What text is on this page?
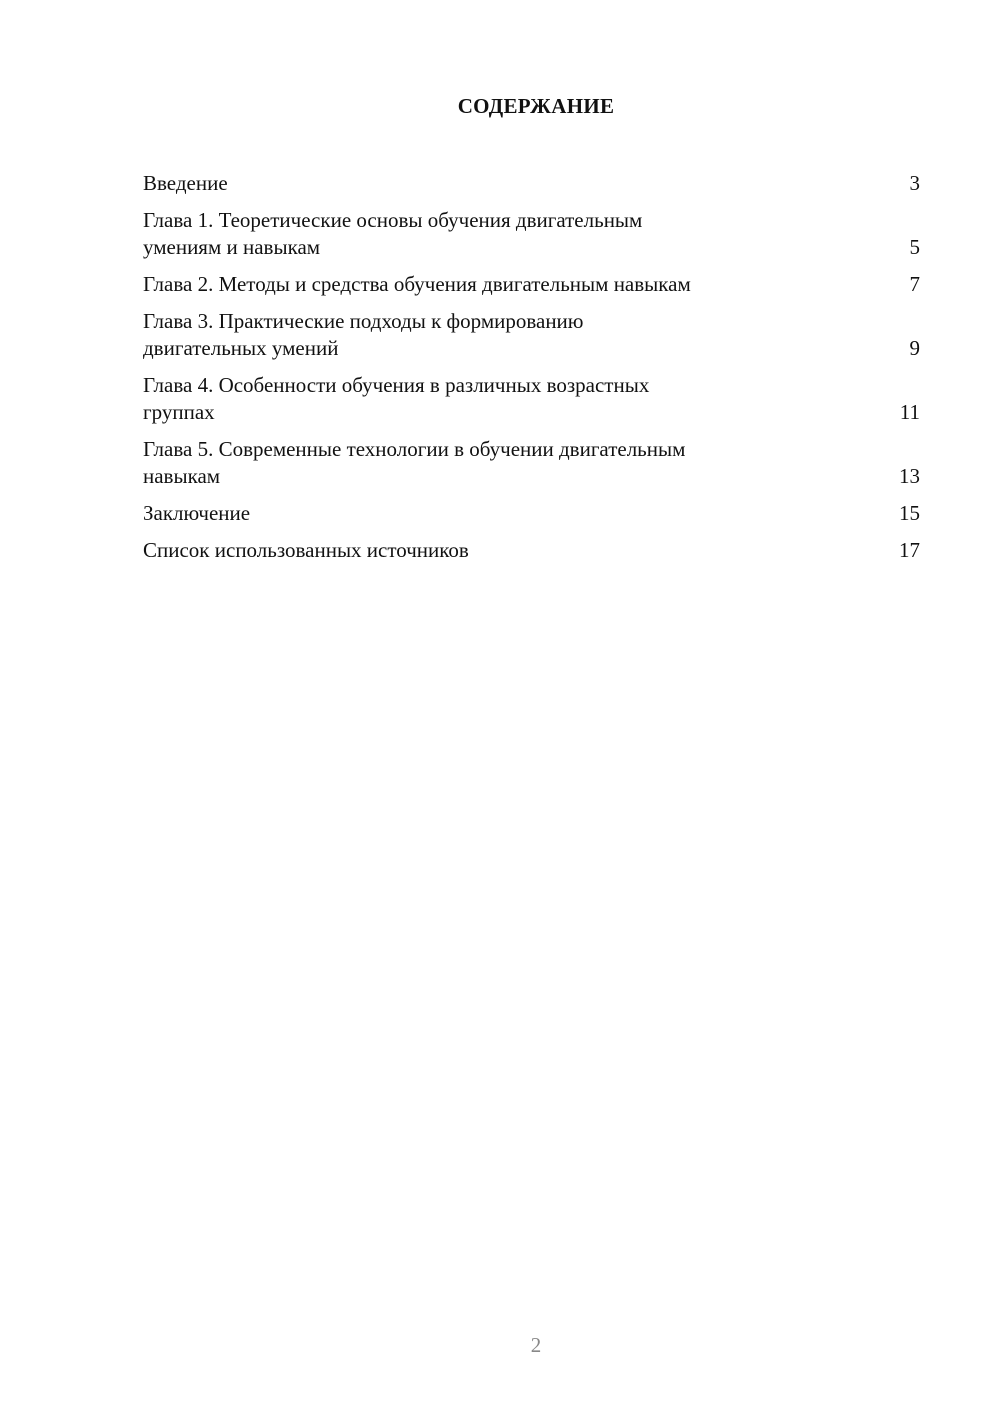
СОДЕРЖАНИЕ
Введение	3
Глава 1. Теоретические основы обучения двигательным
умениям и навыкам	5
Глава 2. Методы и средства обучения двигательным навыкам	7
Глава 3. Практические подходы к формированию
двигательных умений	9
Глава 4. Особенности обучения в различных возрастных
группах	11
Глава 5. Современные технологии в обучении двигательным
навыкам	13
Заключение	15
Список использованных источников	17
2
